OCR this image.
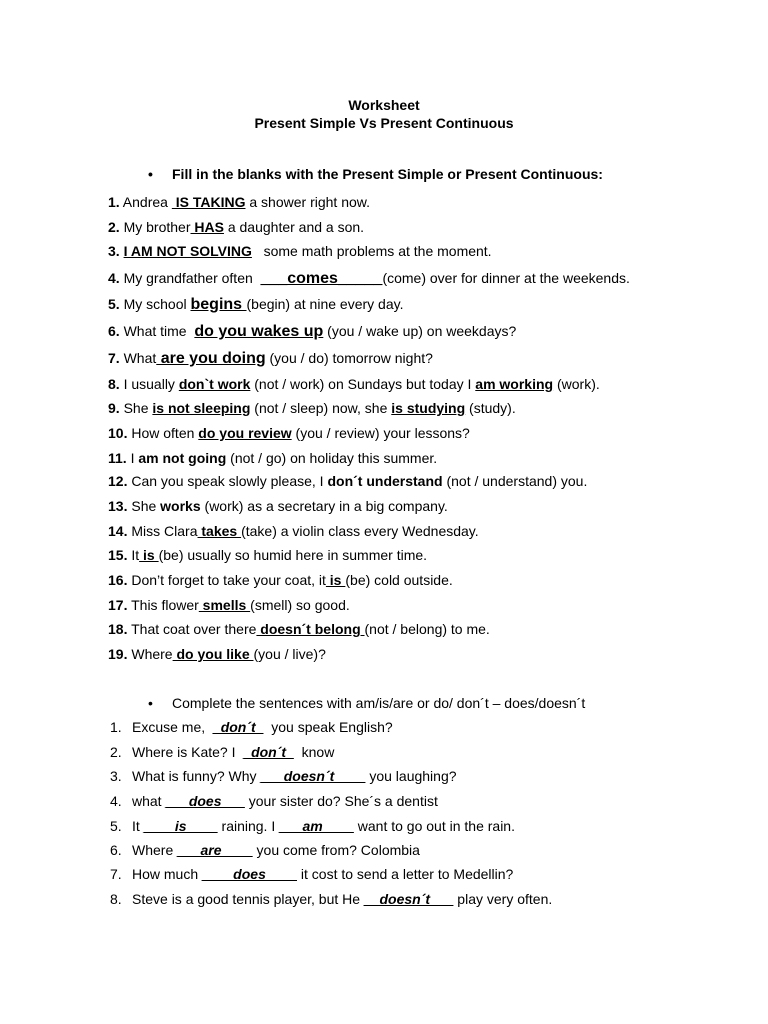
Worksheet
Present Simple Vs Present Continuous
• Fill in the blanks with the Present Simple or Present Continuous:
1. Andrea  IS TAKING a shower right now.
2. My brother HAS a daughter and a son.
3. I AM NOT SOLVING   some math problems at the moment.
4. My grandfather often  ___comes_____(come) over for dinner at the weekends.
5. My school begins (begin) at nine every day.
6. What time  do you wakes up (you / wake up) on weekdays?
7. What are you doing (you / do) tomorrow night?
8. I usually don`t work (not / work) on Sundays but today I am working (work).
9. She is not sleeping (not / sleep) now, she is studying (study).
10. How often do you review (you / review) your lessons?
11. I am not going (not / go) on holiday this summer.
12. Can you speak slowly please, I don´t understand (not / understand) you.
13. She works (work) as a secretary in a big company.
14. Miss Clara takes (take) a violin class every Wednesday.
15. It is (be) usually so humid here in summer time.
16. Don’t forget to take your coat, it is (be) cold outside.
17. This flower smells (smell) so good.
18. That coat over there doesn´t belong (not / belong) to me.
19. Where do you like (you / live)?
• Complete the sentences with am/is/are or do/ don´t – does/doesn´t
1. Excuse me,  _don´t_  you speak English?
2. Where is Kate? I  _don´t_  know
3. What is funny? Why ___doesn´t____ you laughing?
4. what ___does___ your sister do? She´s a dentist
5. It ____is____ raining. I ___am____ want to go out in the rain.
6. Where ___are____ you come from? Colombia
7. How much ____does____ it cost to send a letter to Medellin?
8. Steve is a good tennis player, but He __doesn´t___ play very often.
